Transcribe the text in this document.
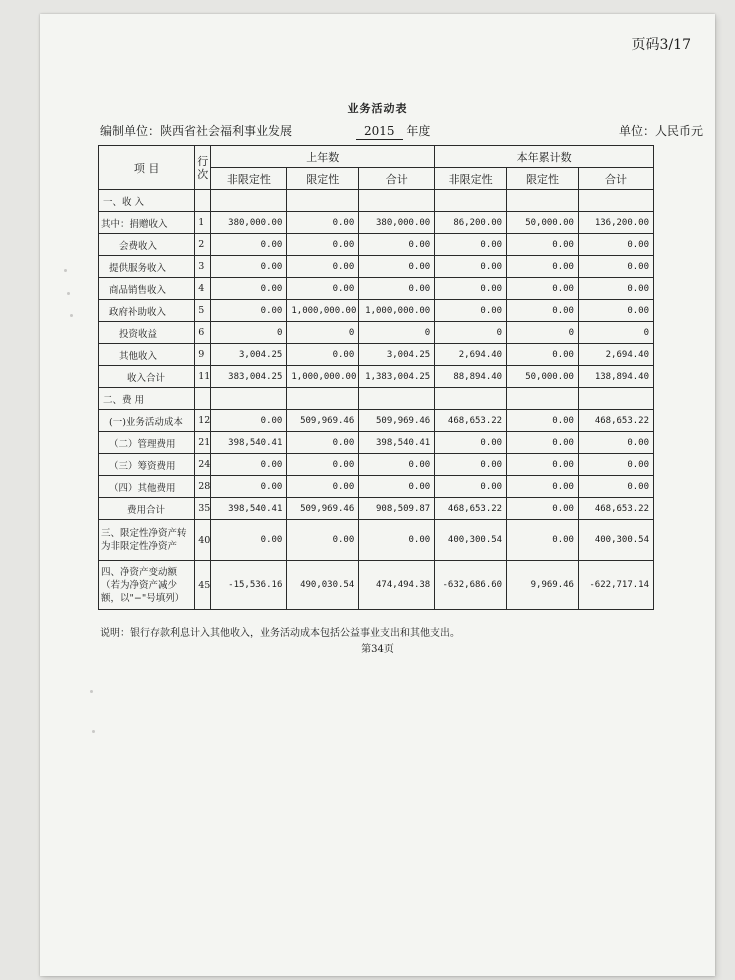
页码3/17
业务活动表
编制单位：陕西省社会福利事业发展	2015 年度	单位：人民币元
项 目	行次	上年数			本年累计数		
		非限定性	限定性	合计	非限定性	限定性	合计
一、收 入							
其中：捐赠收入	1	380,000.00	0.00	380,000.00	86,200.00	50,000.00	136,200.00
会费收入	2	0.00	0.00	0.00	0.00	0.00	0.00
提供服务收入	3	0.00	0.00	0.00	0.00	0.00	0.00
商品销售收入	4	0.00	0.00	0.00	0.00	0.00	0.00
政府补助收入	5	0.00	1,000,000.00	1,000,000.00	0.00	0.00	0.00
投资收益	6	0	0	0	0	0	0
其他收入	9	3,004.25	0.00	3,004.25	2,694.40	0.00	2,694.40
收入合计	11	383,004.25	1,000,000.00	1,383,004.25	88,894.40	50,000.00	138,894.40
二、费 用							
(一)业务活动成本	12	0.00	509,969.46	509,969.46	468,653.22	0.00	468,653.22
（二）管理费用	21	398,540.41	0.00	398,540.41	0.00	0.00	0.00
（三）筹资费用	24	0.00	0.00	0.00	0.00	0.00	0.00
（四）其他费用	28	0.00	0.00	0.00	0.00	0.00	0.00
费用合计	35	398,540.41	509,969.46	908,509.87	468,653.22	0.00	468,653.22
三、限定性净资产转为非限定性净资产	40	0.00	0.00	0.00	400,300.54	0.00	400,300.54
四、净资产变动额（若为净资产减少额，以"−"号填列）	45	-15,536.16	490,030.54	474,494.38	-632,686.60	9,969.46	-622,717.14
说明：银行存款利息计入其他收入，业务活动成本包括公益事业支出和其他支出。
第34页
